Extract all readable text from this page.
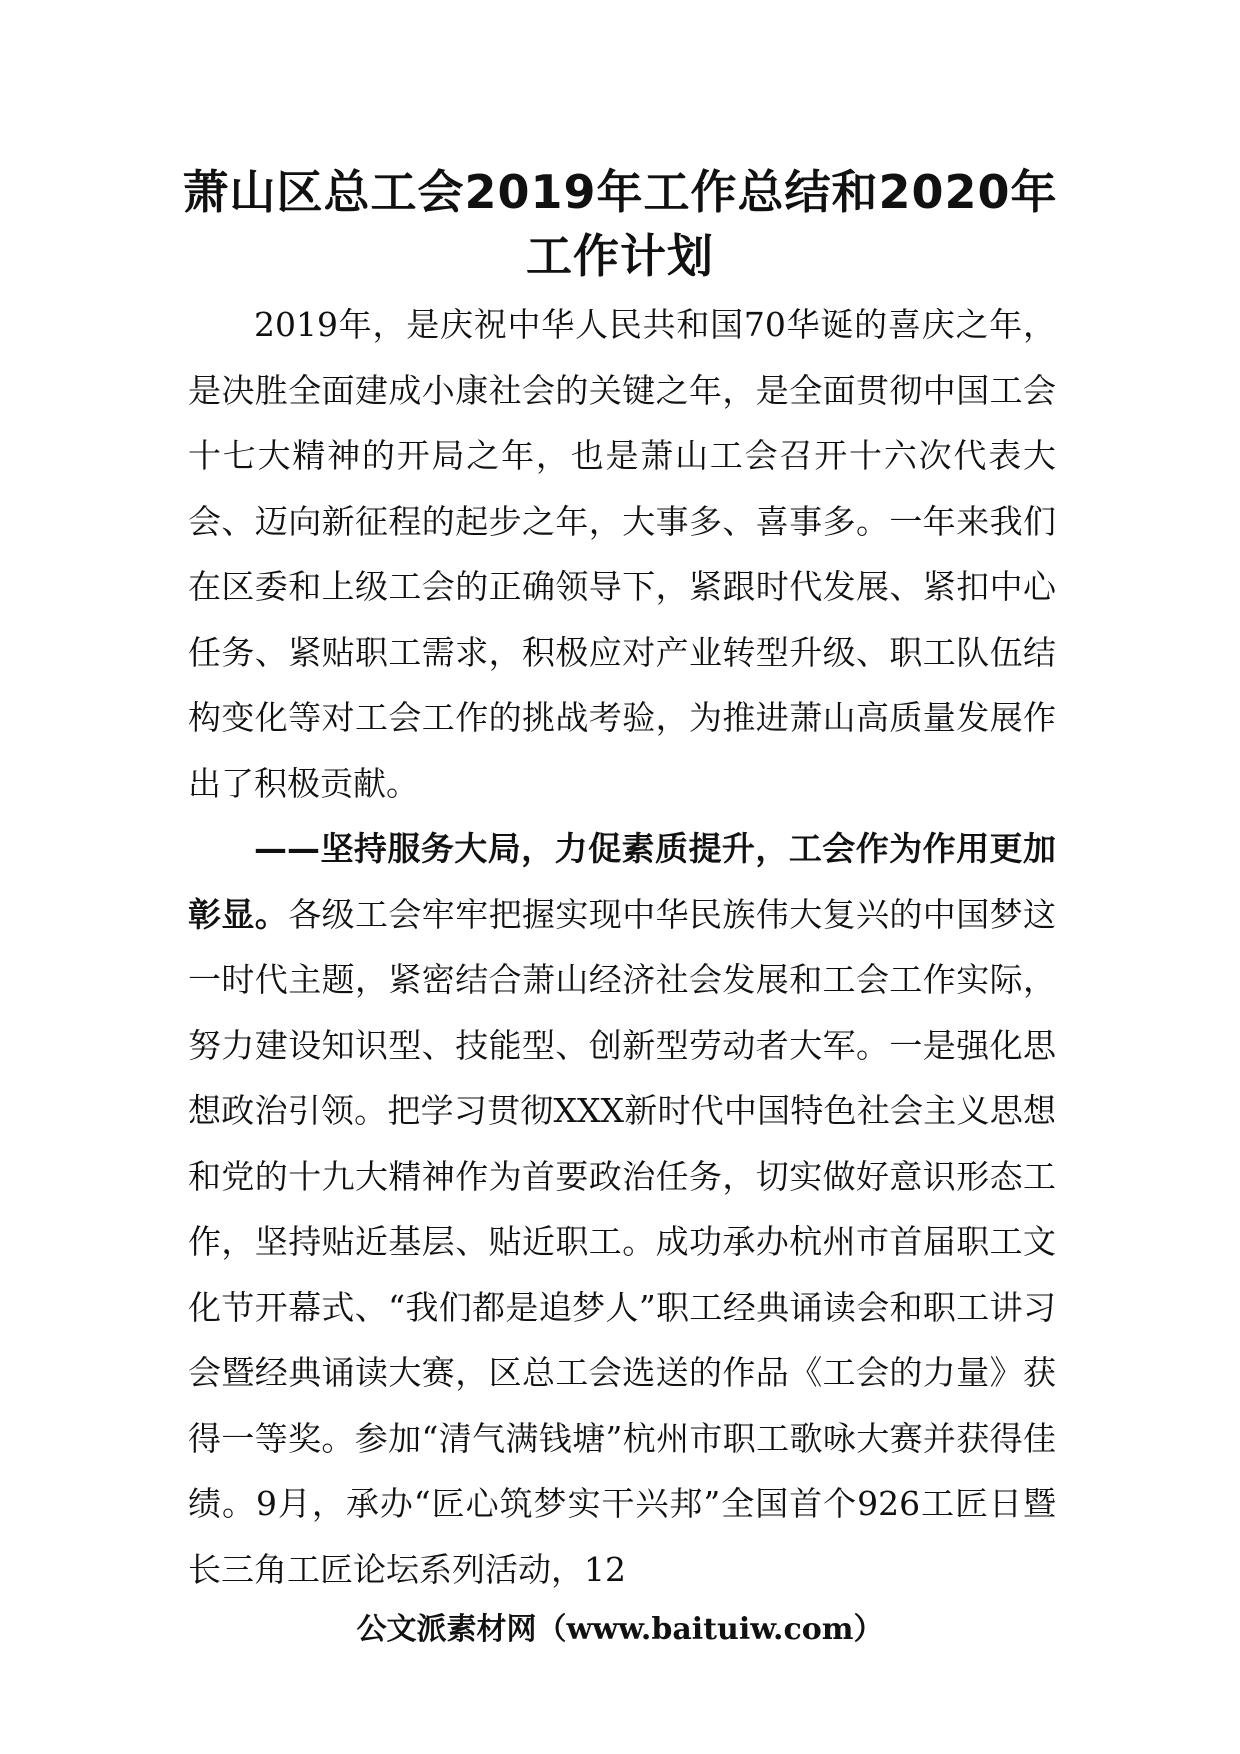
萧山区总工会2019年工作总结和2020年工作计划

2019年，是庆祝中华人民共和国70华诞的喜庆之年，是决胜全面建成小康社会的关键之年，是全面贯彻中国工会十七大精神的开局之年，也是萧山工会召开十六次代表大会、迈向新征程的起步之年，大事多、喜事多。一年来我们在区委和上级工会的正确领导下，紧跟时代发展、紧扣中心任务、紧贴职工需求，积极应对产业转型升级、职工队伍结构变化等对工会工作的挑战考验，为推进萧山高质量发展作出了积极贡献。

——坚持服务大局，力促素质提升，工会作为作用更加彰显。各级工会牢牢把握实现中华民族伟大复兴的中国梦这一时代主题，紧密结合萧山经济社会发展和工会工作实际，努力建设知识型、技能型、创新型劳动者大军。一是强化思想政治引领。把学习贯彻XXX新时代中国特色社会主义思想和党的十九大精神作为首要政治任务，切实做好意识形态工作，坚持贴近基层、贴近职工。成功承办杭州市首届职工文化节开幕式、“我们都是追梦人”职工经典诵读会和职工讲习会暨经典诵读大赛，区总工会选送的作品《工会的力量》获得一等奖。参加“清气满钱塘”杭州市职工歌咏大赛并获得佳绩。9月，承办“匠心筑梦实干兴邦”全国首个926工匠日暨长三角工匠论坛系列活动，12

公文派素材网（www.baituiw.com）
